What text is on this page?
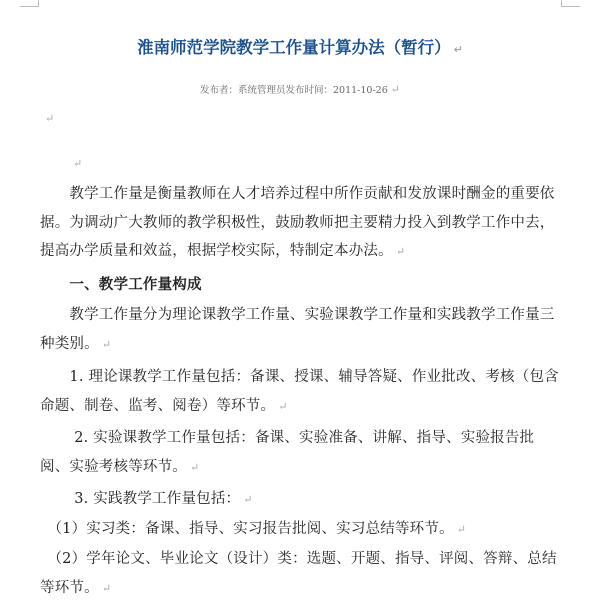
淮南师范学院教学工作量计算办法（暂行） ↵
发布者：系统管理员发布时间：2011-10-26 ↵
↵
↵
　　教学工作量是衡量教师在人才培养过程中所作贡献和发放课时酬金的重要依据。为调动广大教师的教学积极性，鼓励教师把主要精力投入到教学工作中去，提高办学质量和效益，根据学校实际，特制定本办法。 ↵
　　一、教学工作量构成
　　教学工作量分为理论课教学工作量、实验课教学工作量和实践教学工作量三种类别。 ↵
　　1. 理论课教学工作量包括：备课、授课、辅导答疑、作业批改、考核（包含命题、制卷、监考、阅卷）等环节。 ↵
　　 2. 实验课教学工作量包括：备课、实验准备、讲解、指导、实验报告批阅、实验考核等环节。 ↵
　　 3. 实践教学工作量包括： ↵
　（1）实习类：备课、指导、实习报告批阅、实习总结等环节。 ↵
　（2）学年论文、毕业论文（设计）类：选题、开题、指导、评阅、答辩、总结等环节。 ↵
